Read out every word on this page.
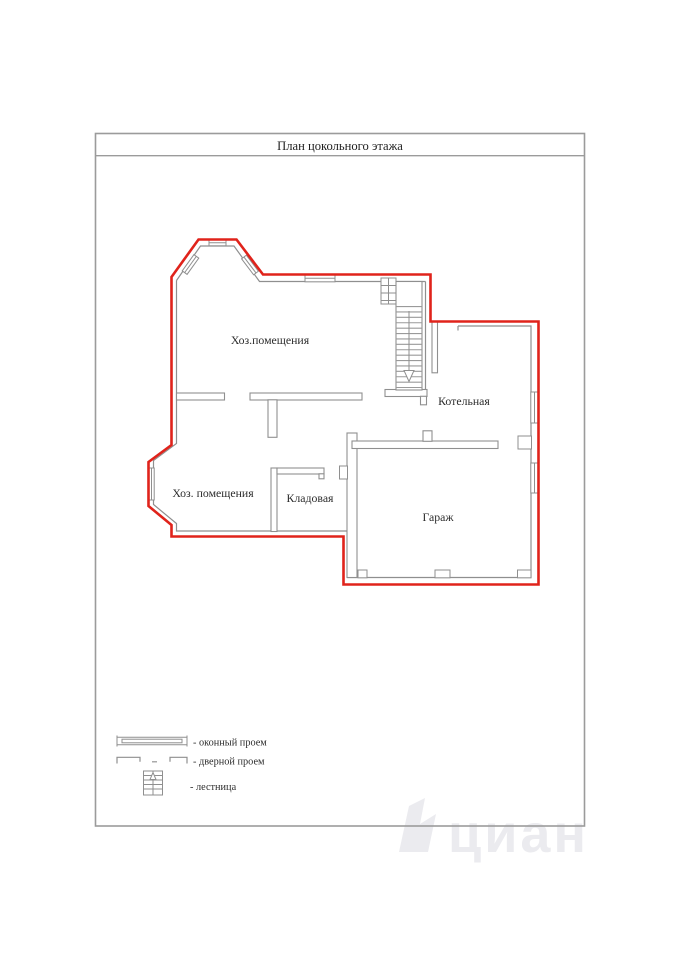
циан
План цокольного этажа
Хоз.помещения
Котельная
Хоз. помещения	Кладовая
Гараж
- оконный проем
- дверной проем
- лестница
